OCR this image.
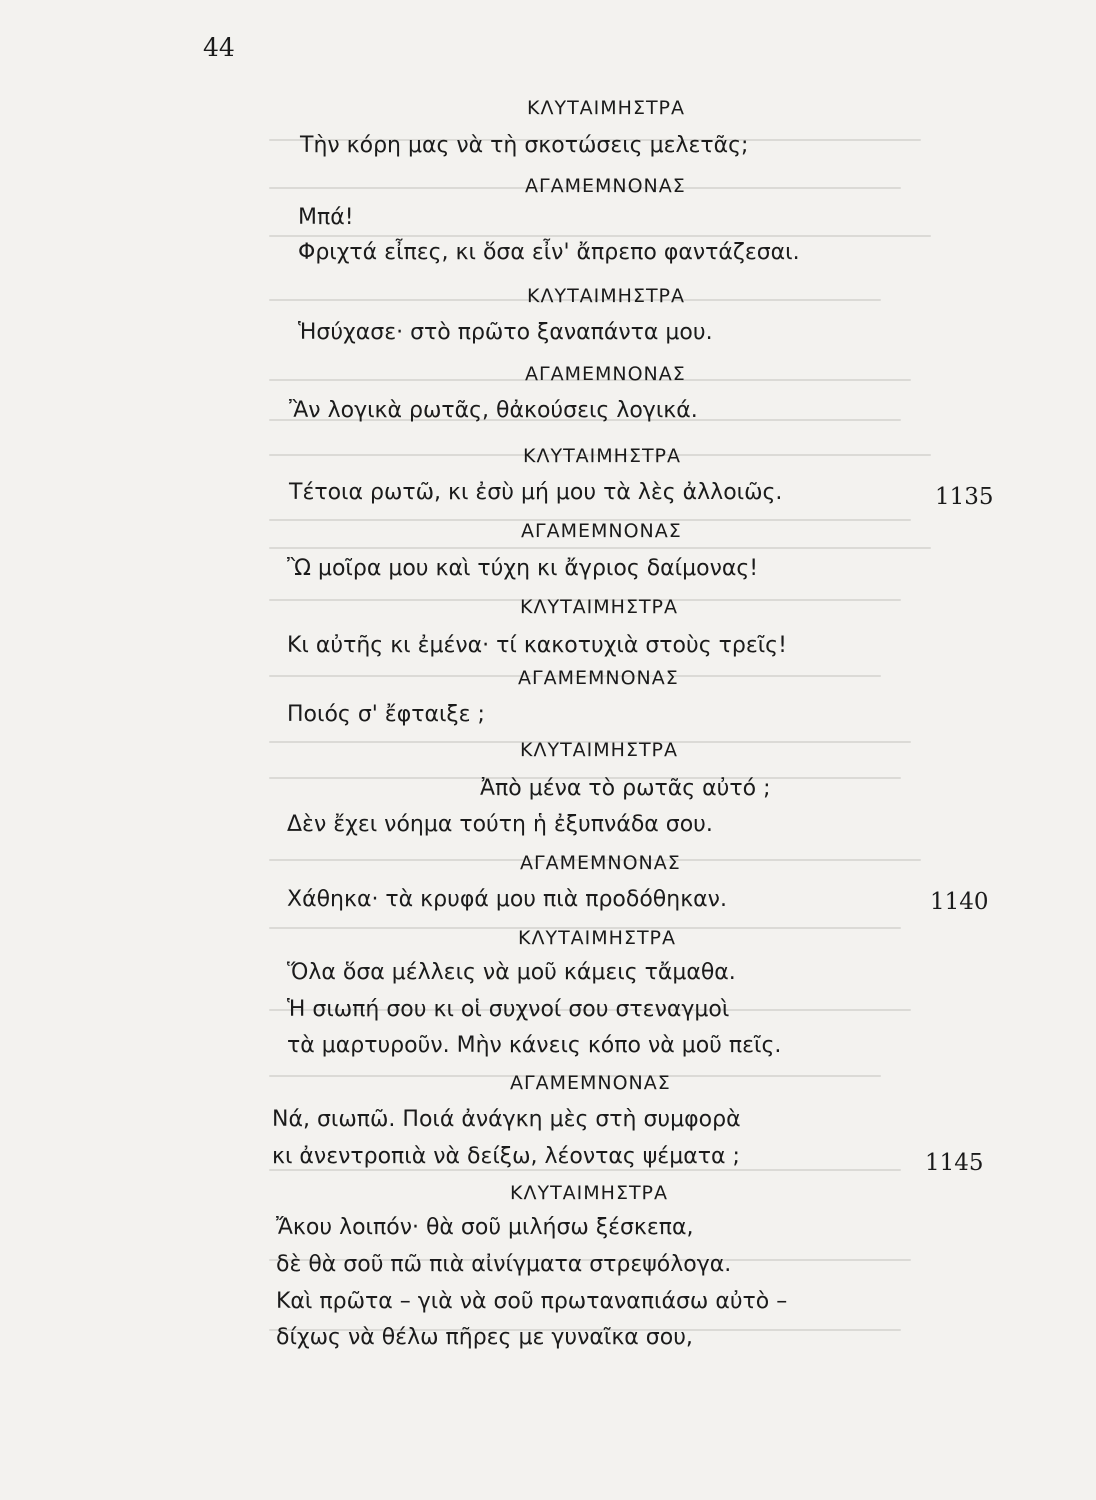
44
ΚΛΥΤΑΙΜΗΣΤΡΑ
Τὴν κόρη μας νὰ τὴ σκοτώσεις μελετᾶς;
ΑΓΑΜΕΜΝΟΝΑΣ
Μπά!
Φριχτά εἶπες, κι ὅσα εἶν' ἄπρεπο φαντάζεσαι.
ΚΛΥΤΑΙΜΗΣΤΡΑ
Ἡσύχασε· στὸ πρῶτο ξαναπάντα μου.
ΑΓΑΜΕΜΝΟΝΑΣ
Ἂν λογικὰ ρωτᾶς, θἀκούσεις λογικά.
ΚΛΥΤΑΙΜΗΣΤΡΑ
Τέτοια ρωτῶ, κι ἐσὺ μή μου τὰ λὲς ἀλλοιῶς.	1135
ΑΓΑΜΕΜΝΟΝΑΣ
Ὢ μοῖρα μου καὶ τύχη κι ἄγριος δαίμονας!
ΚΛΥΤΑΙΜΗΣΤΡΑ
Κι αὐτῆς κι ἐμένα· τί κακοτυχιὰ στοὺς τρεῖς!
ΑΓΑΜΕΜΝΟΝΑΣ
Ποιός σ' ἔφταιξε ;
ΚΛΥΤΑΙΜΗΣΤΡΑ
Ἀπὸ μένα τὸ ρωτᾶς αὐτό ;
Δὲν ἔχει νόημα τούτη ἡ ἐξυπνάδα σου.
ΑΓΑΜΕΜΝΟΝΑΣ
Χάθηκα· τὰ κρυφά μου πιὰ προδόθηκαν.	1140
ΚΛΥΤΑΙΜΗΣΤΡΑ
Ὅλα ὅσα μέλλεις νὰ μοῦ κάμεις τἄμαθα.
Ἡ σιωπή σου κι οἱ συχνοί σου στεναγμοὶ
τὰ μαρτυροῦν. Μὴν κάνεις κόπο νὰ μοῦ πεῖς.
ΑΓΑΜΕΜΝΟΝΑΣ
Νά, σιωπῶ. Ποιά ἀνάγκη μὲς στὴ συμφορὰ
κι ἀνεντροπιὰ νὰ δείξω, λέοντας ψέματα ;	1145
ΚΛΥΤΑΙΜΗΣΤΡΑ
Ἄκου λοιπόν· θὰ σοῦ μιλήσω ξέσκεπα,
δὲ θὰ σοῦ πῶ πιὰ αἰνίγματα στρεψόλογα.
Καὶ πρῶτα – γιὰ νὰ σοῦ πρωταναπιάσω αὐτὸ –
δίχως νὰ θέλω πῆρες με γυναῖκα σου,
